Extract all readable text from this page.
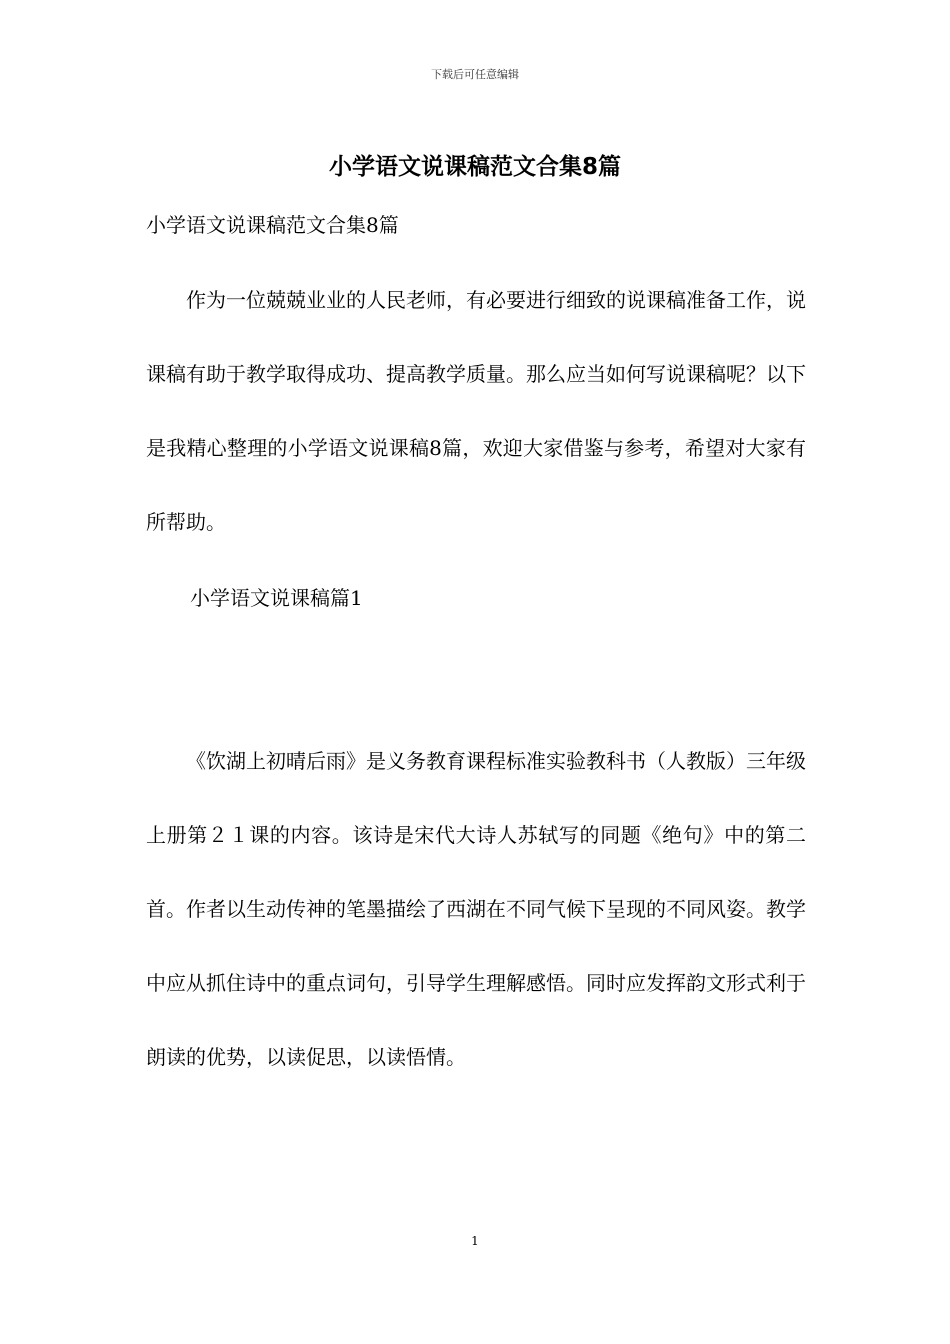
下载后可任意编辑
小学语文说课稿范文合集8篇
小学语文说课稿范文合集8篇

作为一位兢兢业业的人民老师，有必要进行细致的说课稿准备工作，说课稿有助于教学取得成功、提高教学质量。那么应当如何写说课稿呢？以下是我精心整理的小学语文说课稿8篇，欢迎大家借鉴与参考，希望对大家有所帮助。

小学语文说课稿篇1

《饮湖上初晴后雨》是义务教育课程标准实验教科书（人教版）三年级上册第２１课的内容。该诗是宋代大诗人苏轼写的同题《绝句》中的第二首。作者以生动传神的笔墨描绘了西湖在不同气候下呈现的不同风姿。教学中应从抓住诗中的重点词句，引导学生理解感悟。同时应发挥韵文形式利于朗读的优势，以读促思，以读悟情。

1
